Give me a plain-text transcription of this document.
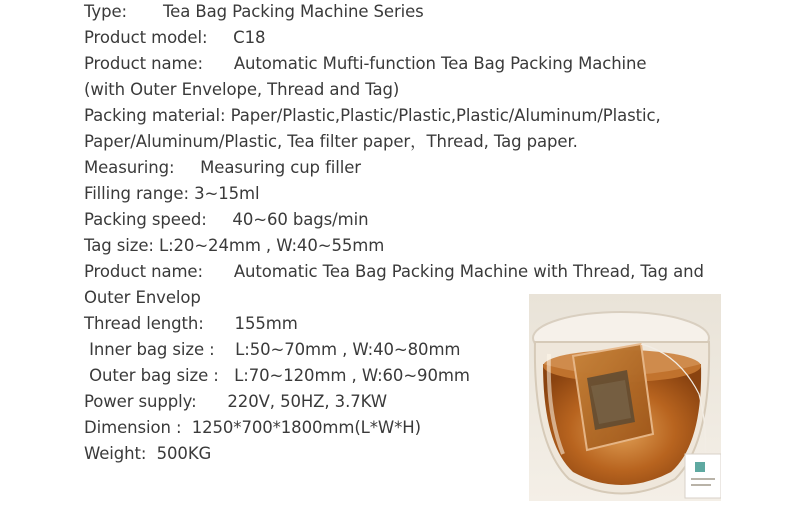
Type:       Tea Bag Packing Machine Series
Product model:     C18
Product name:      Automatic Mufti-function Tea Bag Packing Machine
(with Outer Envelope, Thread and Tag)
Packing material: Paper/Plastic,Plastic/Plastic,Plastic/Aluminum/Plastic,
Paper/Aluminum/Plastic, Tea filter paper，Thread, Tag paper.
Measuring:     Measuring cup filler
Filling range: 3~15ml
Packing speed:     40~60 bags/min
Tag size: L:20~24mm , W:40~55mm
Product name:      Automatic Tea Bag Packing Machine with Thread, Tag and
Outer Envelop
Thread length:      155mm
Inner bag size :    L:50~70mm , W:40~80mm
Outer bag size :   L:70~120mm , W:60~90mm
Power supply:      220V, 50HZ, 3.7KW
Dimension :  1250*700*1800mm(L*W*H)
Weight:  500KG
